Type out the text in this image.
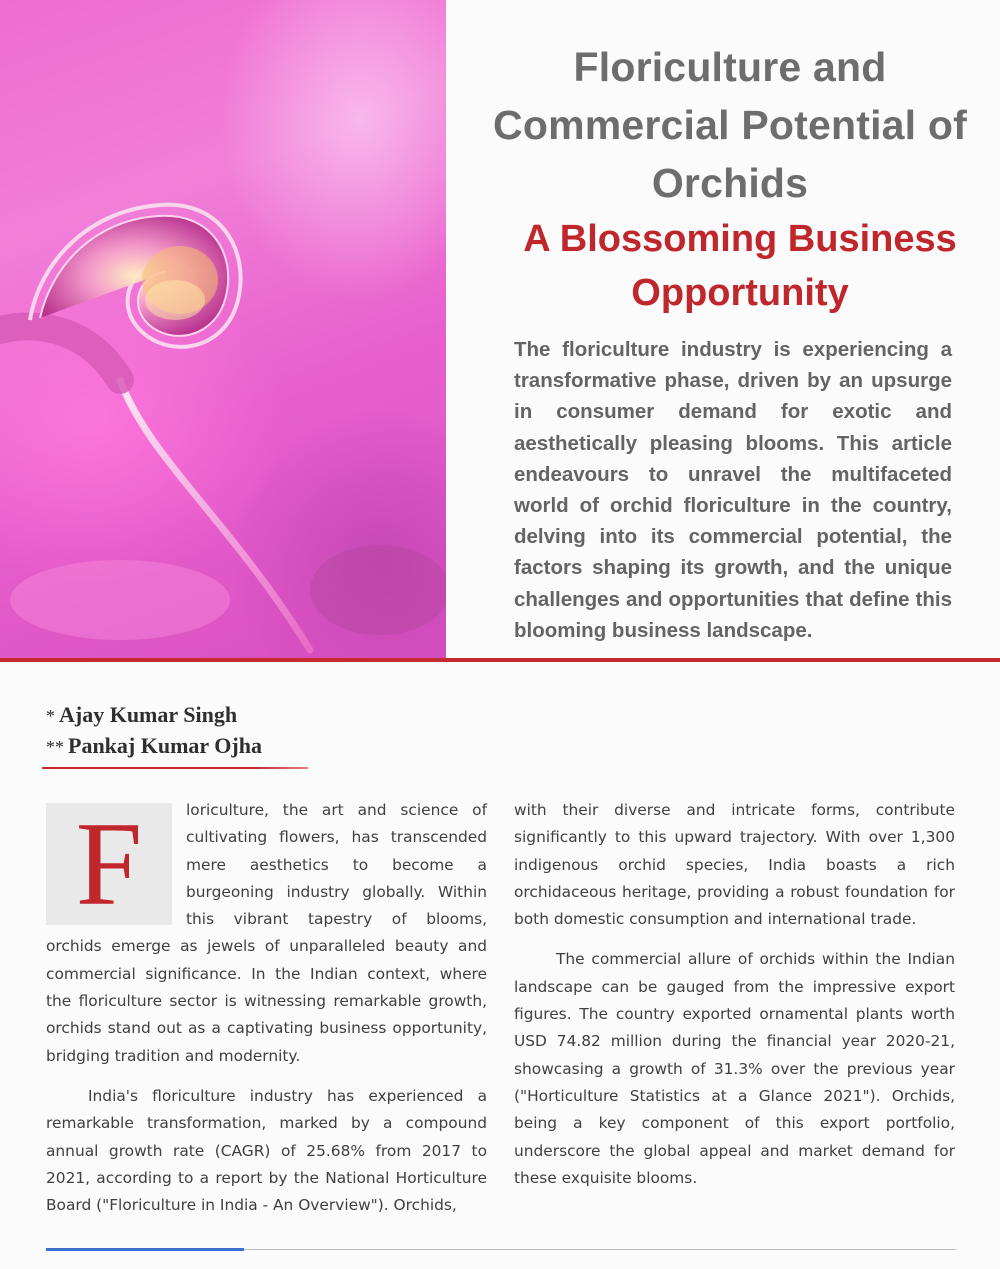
Floriculture and Commercial Potential of Orchids
A Blossoming Business Opportunity
The floriculture industry is experiencing a transformative phase, driven by an upsurge in consumer demand for exotic and aesthetically pleasing blooms. This article endeavours to unravel the multifaceted world of orchid floriculture in the country, delving into its commercial potential, the factors shaping its growth, and the unique challenges and opportunities that define this blooming business landscape.
* Ajay Kumar Singh
** Pankaj Kumar Ojha

F	loriculture, the art and science of cultivating flowers, has transcended mere aesthetics to become a burgeoning industry globally. Within this vibrant tapestry of blooms, orchids emerge as jewels of unparalleled beauty and commercial significance. In the Indian context, where the floriculture sector is witnessing remarkable growth, orchids stand out as a captivating business opportunity, bridging tradition and modernity.

India's floriculture industry has experienced a remarkable transformation, marked by a compound annual growth rate (CAGR) of 25.68% from 2017 to 2021, according to a report by the National Horticulture Board ("Floriculture in India - An Overview"). Orchids,

with their diverse and intricate forms, contribute significantly to this upward trajectory. With over 1,300 indigenous orchid species, India boasts a rich orchidaceous heritage, providing a robust foundation for both domestic consumption and international trade.

The commercial allure of orchids within the Indian landscape can be gauged from the impressive export figures. The country exported ornamental plants worth USD 74.82 million during the financial year 2020-21, showcasing a growth of 31.3% over the previous year ("Horticulture Statistics at a Glance 2021"). Orchids, being a key component of this export portfolio, underscore the global appeal and market demand for these exquisite blooms.
